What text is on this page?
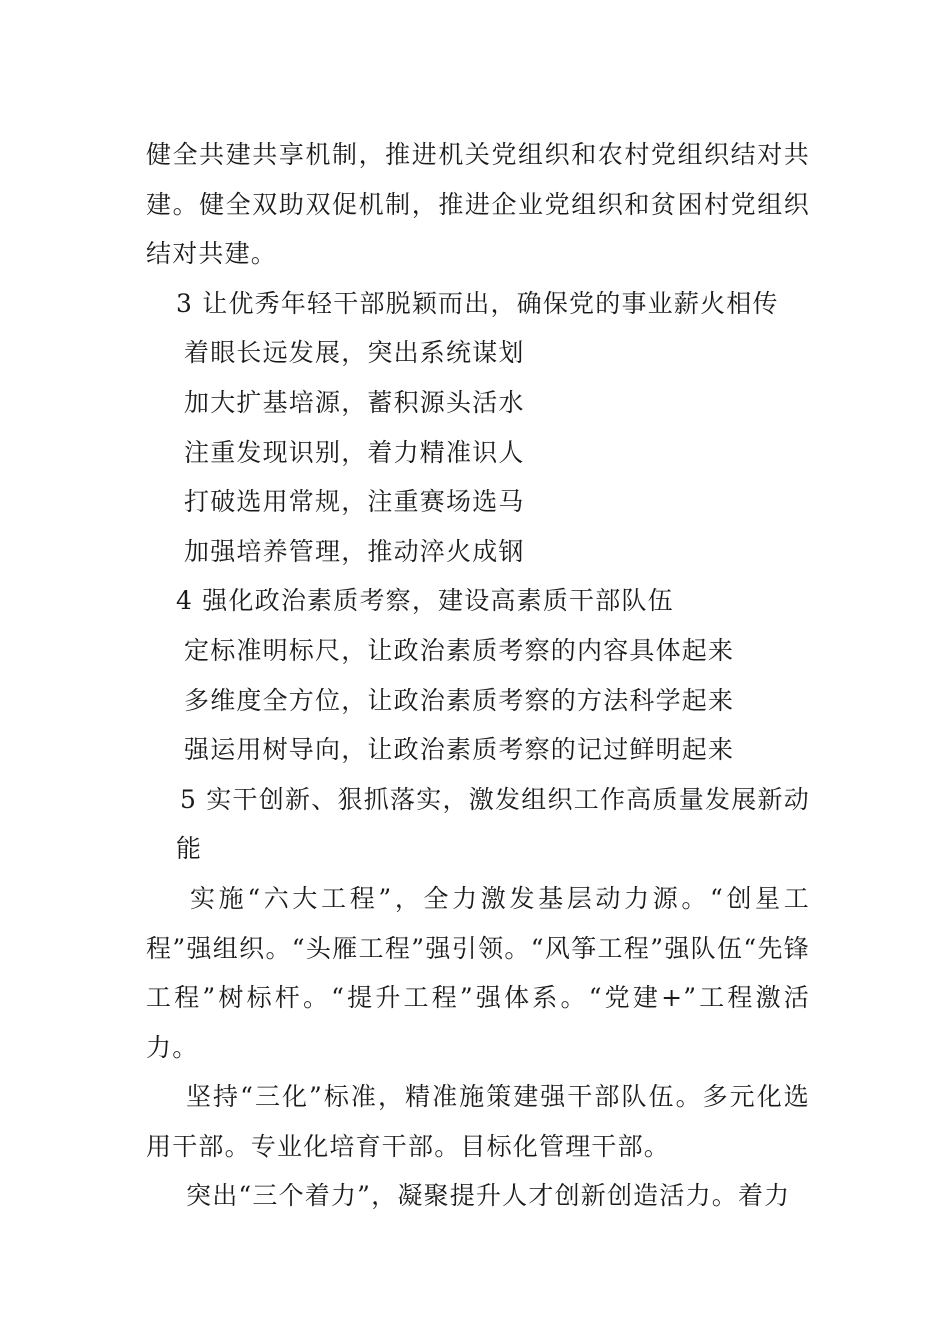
健全共建共享机制，推进机关党组织和农村党组织结对共建。健全双助双促机制，推进企业党组织和贫困村党组织结对共建。

3 让优秀年轻干部脱颖而出，确保党的事业薪火相传

着眼长远发展，突出系统谋划

加大扩基培源，蓄积源头活水

注重发现识别，着力精准识人

打破选用常规，注重赛场选马

加强培养管理，推动淬火成钢

4 强化政治素质考察，建设高素质干部队伍

定标准明标尺，让政治素质考察的内容具体起来

多维度全方位，让政治素质考察的方法科学起来

强运用树导向，让政治素质考察的记过鲜明起来

5 实干创新、狠抓落实，激发组织工作高质量发展新动能

实施“六大工程”，全力激发基层动力源。“创星工程”强组织。“头雁工程”强引领。“风筝工程”强队伍“先锋工程”树标杆。“提升工程”强体系。“党建+”工程激活力。

坚持“三化”标准，精准施策建强干部队伍。多元化选用干部。专业化培育干部。目标化管理干部。

突出“三个着力”，凝聚提升人才创新创造活力。着力
